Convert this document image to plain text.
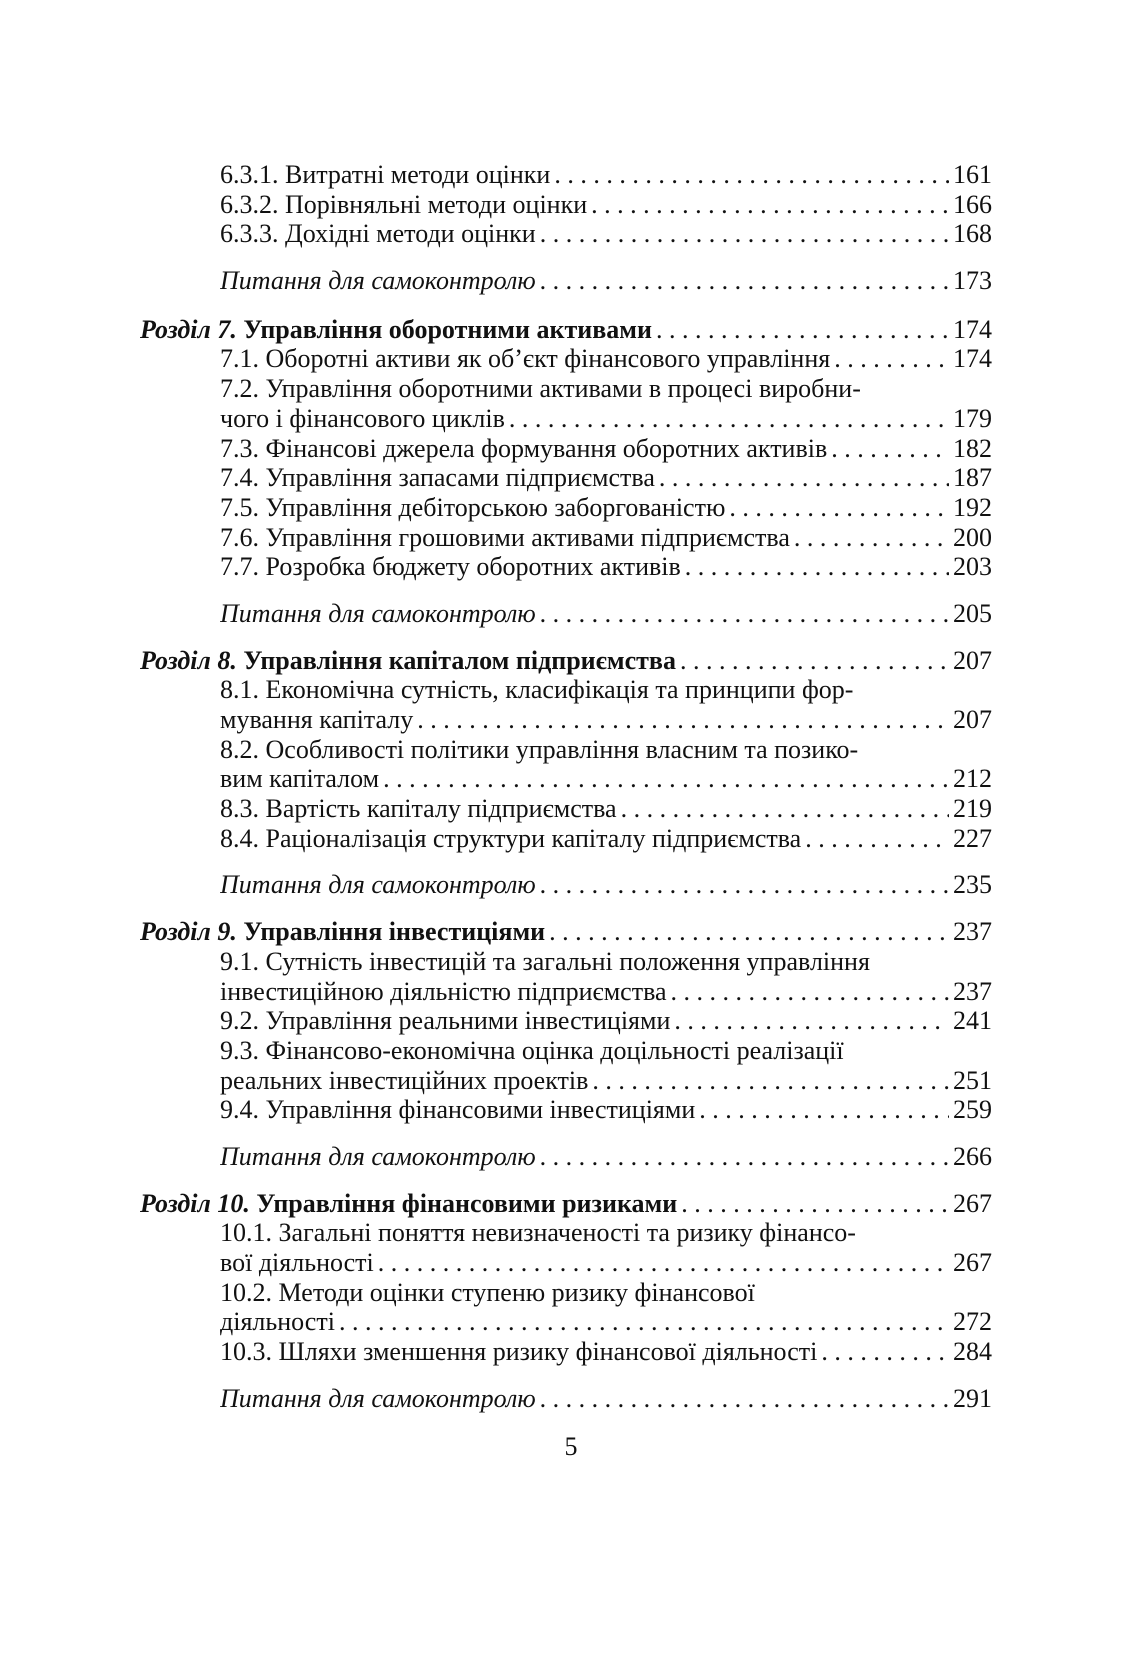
6.3.1. Витратні методи оцінки . . .	161
6.3.2. Порівняльні методи оцінки . . .	166
6.3.3. Дохідні методи оцінки . . .	168
Питання для самоконтролю . . .	173
Розділ 7. Управління оборотними активами . . .	174
7.1. Оборотні активи як об’єкт фінансового управління . . .	174
7.2. Управління оборотними активами в процесі виробни-
чого і фінансового циклів . . .	179
7.3. Фінансові джерела формування оборотних активів . . .	182
7.4. Управління запасами підприємства . . .	187
7.5. Управління дебіторською заборгованістю . . .	192
7.6. Управління грошовими активами підприємства . . .	200
7.7. Розробка бюджету оборотних активів . . .	203
Питання для самоконтролю . . .	205
Розділ 8. Управління капіталом підприємства . . .	207
8.1. Економічна сутність, класифікація та принципи фор-
мування капіталу . . .	207
8.2. Особливості політики управління власним та позико-
вим капіталом . . .	212
8.3. Вартість капіталу підприємства . . .	219
8.4. Раціоналізація структури капіталу підприємства . . .	227
Питання для самоконтролю . . .	235
Розділ 9. Управління інвестиціями . . .	237
9.1. Сутність інвестицій та загальні положення управління
інвестиційною діяльністю підприємства . . .	237
9.2. Управління реальними інвестиціями . . .	241
9.3. Фінансово-економічна оцінка доцільності реалізації
реальних інвестиційних проектів . . .	251
9.4. Управління фінансовими інвестиціями . . .	259
Питання для самоконтролю . . .	266
Розділ 10. Управління фінансовими ризиками . . .	267
10.1. Загальні поняття невизначеності та ризику фінансо-
вої діяльності . . .	267
10.2. Методи оцінки ступеню ризику фінансової
діяльності . . .	272
10.3. Шляхи зменшення ризику фінансової діяльності . . .	284
Питання для самоконтролю . . .	291
5
